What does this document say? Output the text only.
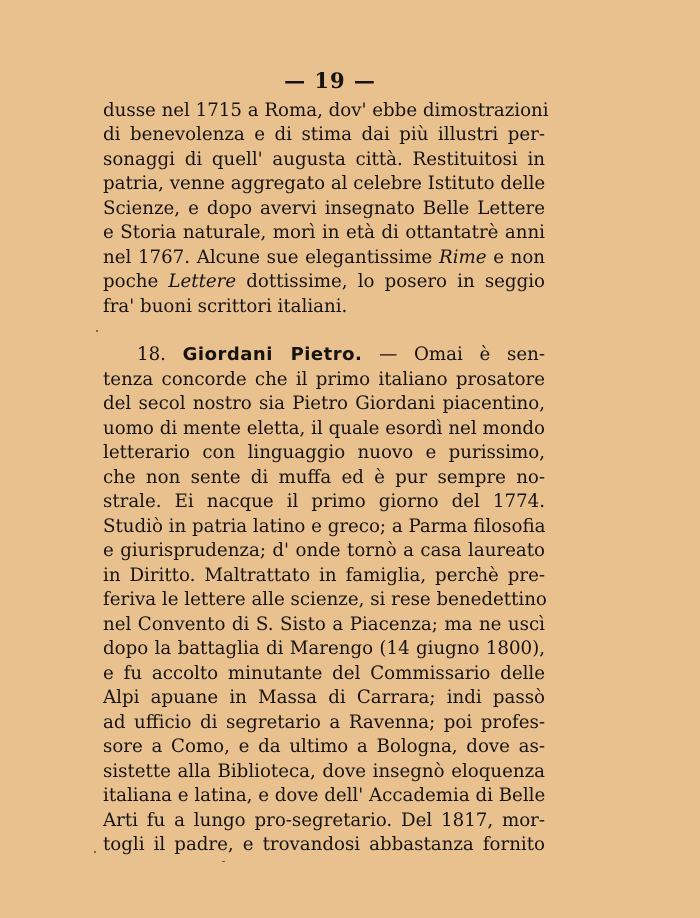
— 19 —
dusse nel 1715 a Roma, dov' ebbe dimostrazioni
di benevolenza e di stima dai più illustri per-
sonaggi di quell' augusta città. Restituitosi in
patria, venne aggregato al celebre Istituto delle
Scienze, e dopo avervi insegnato Belle Lettere
e Storia naturale, morì in età di ottantatrè anni
nel 1767. Alcune sue elegantissime Rime e non
poche Lettere dottissime, lo posero in seggio
fra' buoni scrittori italiani.
18. Giordani Pietro. — Omai è sen-
tenza concorde che il primo italiano prosatore
del secol nostro sia Pietro Giordani piacentino,
uomo di mente eletta, il quale esordì nel mondo
letterario con linguaggio nuovo e purissimo,
che non sente di muffa ed è pur sempre no-
strale. Ei nacque il primo giorno del 1774.
Studiò in patria latino e greco; a Parma filosofia
e giurisprudenza; d' onde tornò a casa laureato
in Diritto. Maltrattato in famiglia, perchè pre-
feriva le lettere alle scienze, si rese benedettino
nel Convento di S. Sisto a Piacenza; ma ne uscì
dopo la battaglia di Marengo (14 giugno 1800),
e fu accolto minutante del Commissario delle
Alpi apuane in Massa di Carrara; indi passò
ad ufficio di segretario a Ravenna; poi profes-
sore a Como, e da ultimo a Bologna, dove as-
sistette alla Biblioteca, dove insegnò eloquenza
italiana e latina, e dove dell' Accademia di Belle
Arti fu a lungo pro-segretario. Del 1817, mor-
togli il padre, e trovandosi abbastanza fornito
